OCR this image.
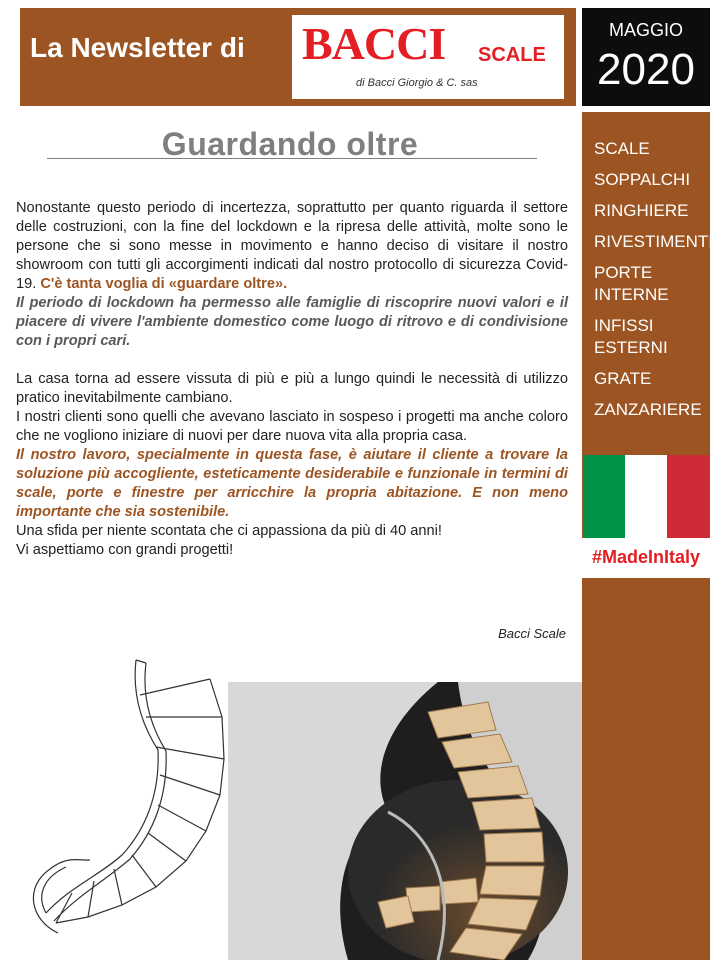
La Newsletter di BACCI SCALE
di Bacci Giorgio & C. sas
MAGGIO
2020
SCALE
SOPPALCHI
RINGHIERE
RIVESTIMENTI
PORTE INTERNE
INFISSI ESTERNI
GRATE
ZANZARIERE
#MadeInItaly
Guardando oltre

Nonostante questo periodo di incertezza, soprattutto per quanto riguarda il settore delle costruzioni, con la fine del lockdown e la ripresa delle attività, molte sono le persone che si sono messe in movimento e hanno deciso di visitare il nostro showroom con tutti gli accorgimenti indicati dal nostro protocollo di sicurezza Covid-19. C'è tanta voglia di «guardare oltre».

Il periodo di lockdown ha permesso alle famiglie di riscoprire nuovi valori e il piacere di vivere l'ambiente domestico come luogo di ritrovo e di condivisione con i propri cari.

La casa torna ad essere vissuta di più e più a lungo quindi le necessità di utilizzo pratico inevitabilmente cambiano.

I nostri clienti sono quelli che avevano lasciato in sospeso i progetti ma anche coloro che ne vogliono iniziare di nuovi per dare nuova vita alla propria casa.

Il nostro lavoro, specialmente in questa fase, è aiutare il cliente a trovare la soluzione più accogliente, esteticamente desiderabile e funzionale in termini di scale, porte e finestre per arricchire la propria abitazione. E non meno importante che sia sostenibile.

Una sfida per niente scontata che ci appassiona da più di 40 anni!

Vi aspettiamo con grandi progetti!

Bacci Scale
